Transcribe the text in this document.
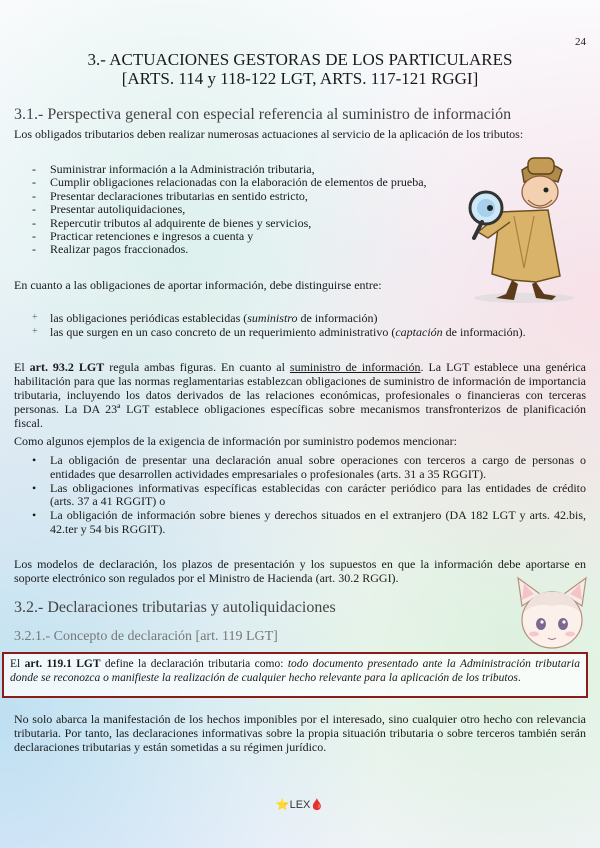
24
3.- ACTUACIONES GESTORAS DE LOS PARTICULARES
[ARTS. 114 y 118-122 LGT, ARTS. 117-121 RGGI]
3.1.- Perspectiva general con especial referencia al suministro de información
Los obligados tributarios deben realizar numerosas actuaciones al servicio de la aplicación de los tributos:
- Suministrar información a la Administración tributaria,
- Cumplir obligaciones relacionadas con la elaboración de elementos de prueba,
- Presentar declaraciones tributarias en sentido estricto,
- Presentar autoliquidaciones,
- Repercutir tributos al adquirente de bienes y servicios,
- Practicar retenciones e ingresos a cuenta y
- Realizar pagos fraccionados.
En cuanto a las obligaciones de aportar información, debe distinguirse entre:
+ las obligaciones periódicas establecidas (suministro de información)
+ las que surgen en un caso concreto de un requerimiento administrativo (captación de información).
El art. 93.2 LGT regula ambas figuras. En cuanto al suministro de información. La LGT establece una genérica habilitación para que las normas reglamentarias establezcan obligaciones de suministro de información de importancia tributaria, incluyendo los datos derivados de las relaciones económicas, profesionales o financieras con terceras personas. La DA 23ª LGT establece obligaciones específicas sobre mecanismos transfronterizos de planificación fiscal.
Como algunos ejemplos de la exigencia de información por suministro podemos mencionar:
• La obligación de presentar una declaración anual sobre operaciones con terceros a cargo de personas o entidades que desarrollen actividades empresariales o profesionales (arts. 31 a 35 RGGIT).
• Las obligaciones informativas específicas establecidas con carácter periódico para las entidades de crédito (arts. 37 a 41 RGGIT) o
• La obligación de información sobre bienes y derechos situados en el extranjero (DA 182 LGT y arts. 42.bis, 42.ter y 54 bis RGGIT).
Los modelos de declaración, los plazos de presentación y los supuestos en que la información debe aportarse en soporte electrónico son regulados por el Ministro de Hacienda (art. 30.2 RGGI).
3.2.- Declaraciones tributarias y autoliquidaciones
3.2.1.- Concepto de declaración [art. 119 LGT]
El art. 119.1 LGT define la declaración tributaria como: todo documento presentado ante la Administración tributaria donde se reconozca o manifieste la realización de cualquier hecho relevante para la aplicación de los tributos.
No solo abarca la manifestación de los hechos imponibles por el interesado, sino cualquier otro hecho con relevancia tributaria. Por tanto, las declaraciones informativas sobre la propia situación tributaria o sobre terceros también serán declaraciones tributarias y están sometidas a su régimen jurídico.
⭐LEX🩸
